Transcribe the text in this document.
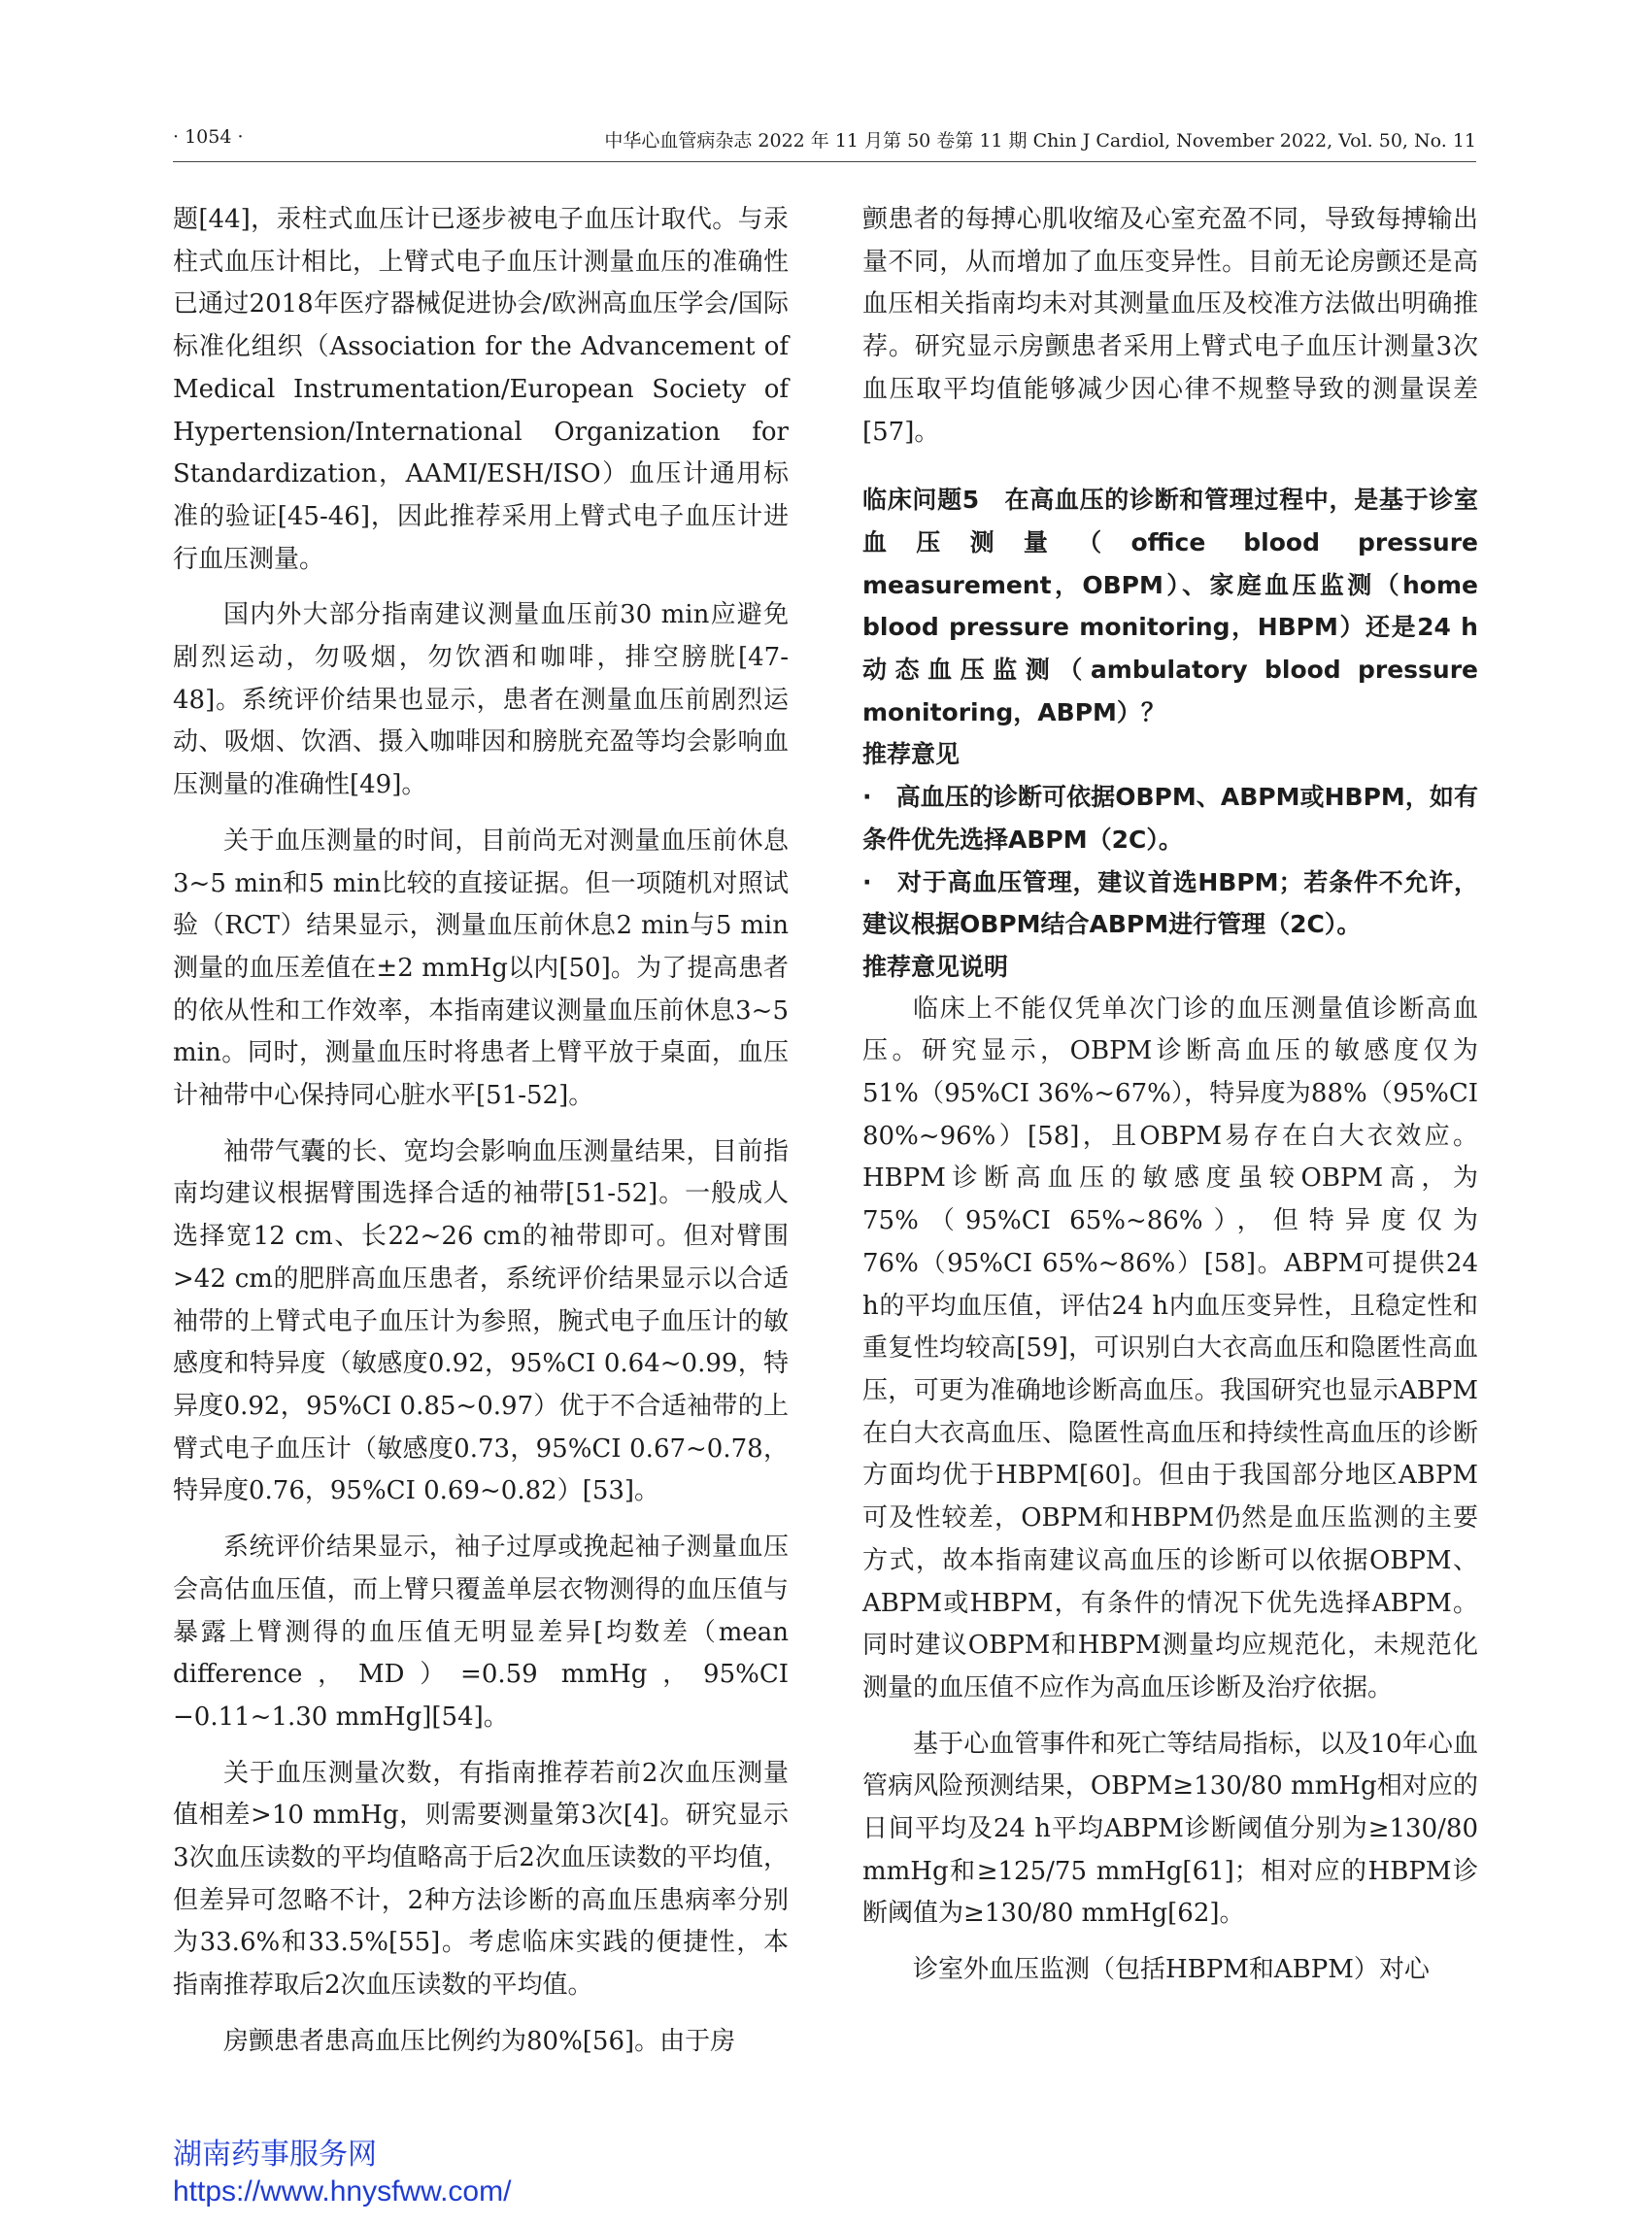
· 1054 ·	中华心血管病杂志 2022 年 11 月第 50 卷第 11 期 Chin J Cardiol, November 2022, Vol. 50, No. 11

题[44]，汞柱式血压计已逐步被电子血压计取代。与汞柱式血压计相比，上臂式电子血压计测量血压的准确性已通过2018年医疗器械促进协会/欧洲高血压学会/国际标准化组织（Association for the Advancement of Medical Instrumentation/European Society of Hypertension/International Organization for Standardization，AAMI/ESH/ISO）血压计通用标准的验证[45-46]，因此推荐采用上臂式电子血压计进行血压测量。

国内外大部分指南建议测量血压前30 min应避免剧烈运动，勿吸烟，勿饮酒和咖啡，排空膀胱[47-48]。系统评价结果也显示，患者在测量血压前剧烈运动、吸烟、饮酒、摄入咖啡因和膀胱充盈等均会影响血压测量的准确性[49]。

关于血压测量的时间，目前尚无对测量血压前休息3~5 min和5 min比较的直接证据。但一项随机对照试验（RCT）结果显示，测量血压前休息2 min与5 min测量的血压差值在±2 mmHg以内[50]。为了提高患者的依从性和工作效率，本指南建议测量血压前休息3~5 min。同时，测量血压时将患者上臂平放于桌面，血压计袖带中心保持同心脏水平[51-52]。

袖带气囊的长、宽均会影响血压测量结果，目前指南均建议根据臂围选择合适的袖带[51-52]。一般成人选择宽12 cm、长22~26 cm的袖带即可。但对臂围>42 cm的肥胖高血压患者，系统评价结果显示以合适袖带的上臂式电子血压计为参照，腕式电子血压计的敏感度和特异度（敏感度0.92，95%CI 0.64~0.99，特异度0.92，95%CI 0.85~0.97）优于不合适袖带的上臂式电子血压计（敏感度0.73，95%CI 0.67~0.78，特异度0.76，95%CI 0.69~0.82）[53]。

系统评价结果显示，袖子过厚或挽起袖子测量血压会高估血压值，而上臂只覆盖单层衣物测得的血压值与暴露上臂测得的血压值无明显差异[均数差（mean difference，MD）=0.59 mmHg，95%CI −0.11~1.30 mmHg][54]。

关于血压测量次数，有指南推荐若前2次血压测量值相差>10 mmHg，则需要测量第3次[4]。研究显示3次血压读数的平均值略高于后2次血压读数的平均值，但差异可忽略不计，2种方法诊断的高血压患病率分别为33.6%和33.5%[55]。考虑临床实践的便捷性，本指南推荐取后2次血压读数的平均值。

房颤患者患高血压比例约为80%[56]。由于房

颤患者的每搏心肌收缩及心室充盈不同，导致每搏输出量不同，从而增加了血压变异性。目前无论房颤还是高血压相关指南均未对其测量血压及校准方法做出明确推荐。研究显示房颤患者采用上臂式电子血压计测量3次血压取平均值能够减少因心律不规整导致的测量误差[57]。

临床问题5　在高血压的诊断和管理过程中，是基于诊室血压测量（office blood pressure measurement，OBPM）、家庭血压监测（home blood pressure monitoring，HBPM）还是24 h动态血压监测（ambulatory blood pressure monitoring，ABPM）？

推荐意见

·　高血压的诊断可依据OBPM、ABPM或HBPM，如有条件优先选择ABPM（2C）。

·　对于高血压管理，建议首选HBPM；若条件不允许，建议根据OBPM结合ABPM进行管理（2C）。

推荐意见说明

临床上不能仅凭单次门诊的血压测量值诊断高血压。研究显示，OBPM诊断高血压的敏感度仅为51%（95%CI 36%~67%），特异度为88%（95%CI 80%~96%）[58]，且OBPM易存在白大衣效应。HBPM诊断高血压的敏感度虽较OBPM高，为75%（95%CI 65%~86%），但特异度仅为76%（95%CI 65%~86%）[58]。ABPM可提供24 h的平均血压值，评估24 h内血压变异性，且稳定性和重复性均较高[59]，可识别白大衣高血压和隐匿性高血压，可更为准确地诊断高血压。我国研究也显示ABPM在白大衣高血压、隐匿性高血压和持续性高血压的诊断方面均优于HBPM[60]。但由于我国部分地区ABPM可及性较差，OBPM和HBPM仍然是血压监测的主要方式，故本指南建议高血压的诊断可以依据OBPM、ABPM或HBPM，有条件的情况下优先选择ABPM。同时建议OBPM和HBPM测量均应规范化，未规范化测量的血压值不应作为高血压诊断及治疗依据。

基于心血管事件和死亡等结局指标，以及10年心血管病风险预测结果，OBPM≥130/80 mmHg相对应的日间平均及24 h平均ABPM诊断阈值分别为≥130/80 mmHg和≥125/75 mmHg[61]；相对应的HBPM诊断阈值为≥130/80 mmHg[62]。

诊室外血压监测（包括HBPM和ABPM）对心

湖南药事服务网
https://www.hnysfww.com/
